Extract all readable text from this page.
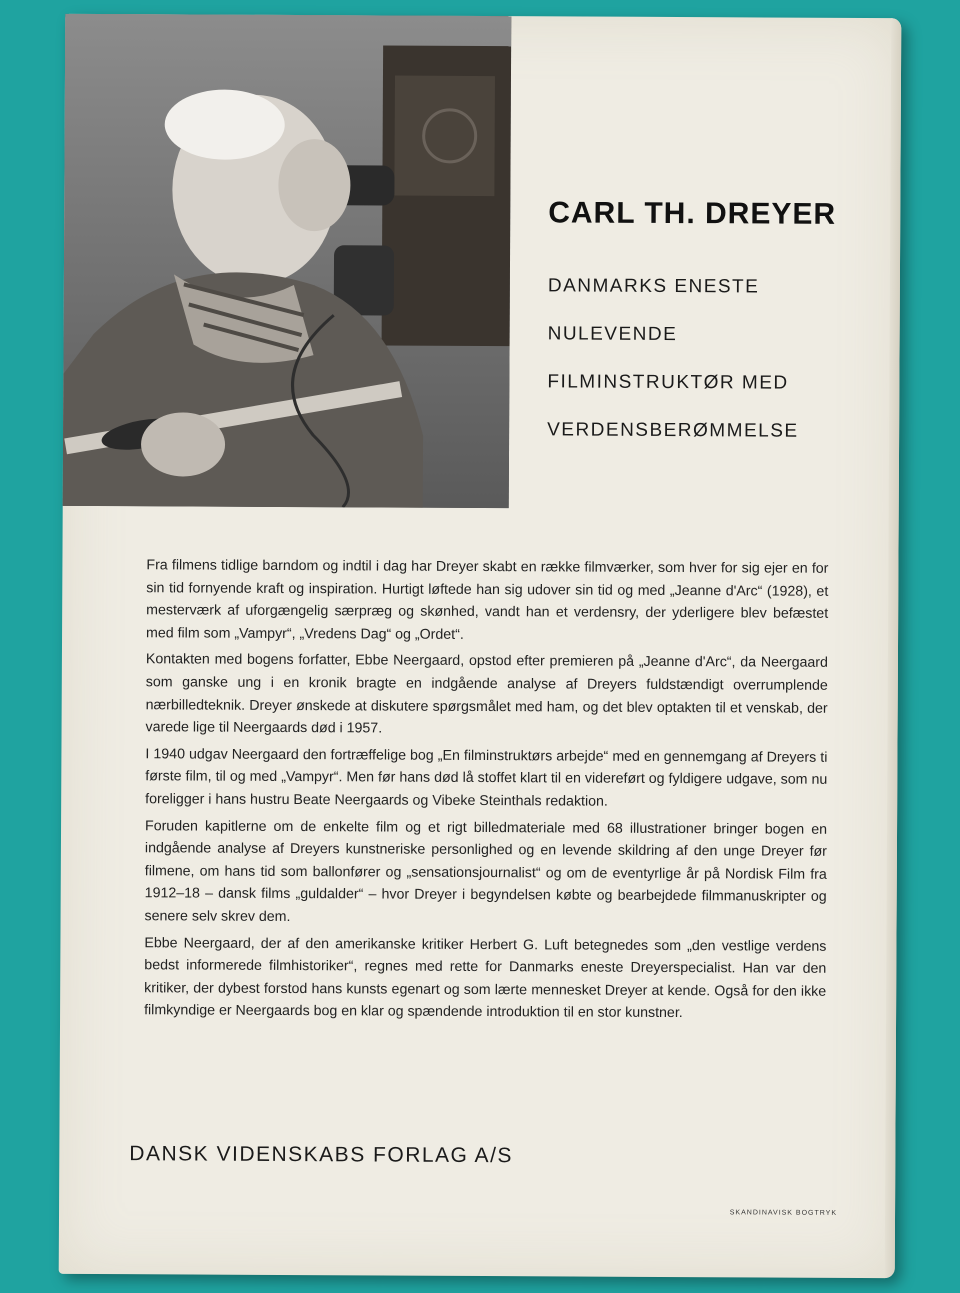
CARL TH. DREYER
DANMARKS ENESTE
NULEVENDE
FILMINSTRUKTØR MED
VERDENSBERØMMELSE

Fra filmens tidlige barndom og indtil i dag har Dreyer skabt en række filmværker, som hver for sig ejer en for sin tid fornyende kraft og inspiration. Hurtigt løftede han sig udover sin tid og med „Jeanne d'Arc“ (1928), et mesterværk af uforgængelig særpræg og skønhed, vandt han et verdensry, der yderligere blev befæstet med film som „Vampyr“, „Vredens Dag“ og „Ordet“.

Kontakten med bogens forfatter, Ebbe Neergaard, opstod efter premieren på „Jeanne d'Arc“, da Neergaard som ganske ung i en kronik bragte en indgående analyse af Dreyers fuldstændigt overrumplende nærbilledteknik. Dreyer ønskede at diskutere spørgsmålet med ham, og det blev optakten til et venskab, der varede lige til Neergaards død i 1957.

I 1940 udgav Neergaard den fortræffelige bog „En filminstruktørs arbejde“ med en gennemgang af Dreyers ti første film, til og med „Vampyr“. Men før hans død lå stoffet klart til en videreført og fyldigere udgave, som nu foreligger i hans hustru Beate Neergaards og Vibeke Steinthals redaktion.

Foruden kapitlerne om de enkelte film og et rigt billedmateriale med 68 illustrationer bringer bogen en indgående analyse af Dreyers kunstneriske personlighed og en levende skildring af den unge Dreyer før filmene, om hans tid som ballonfører og „sensationsjournalist“ og om de eventyrlige år på Nordisk Film fra 1912–18 – dansk films „guldalder“ – hvor Dreyer i begyndelsen købte og bearbejdede filmmanuskripter og senere selv skrev dem.

Ebbe Neergaard, der af den amerikanske kritiker Herbert G. Luft betegnedes som „den vestlige verdens bedst informerede filmhistoriker“, regnes med rette for Danmarks eneste Dreyerspecialist. Han var den kritiker, der dybest forstod hans kunsts egenart og som lærte mennesket Dreyer at kende. Også for den ikke filmkyndige er Neergaards bog en klar og spændende introduktion til en stor kunstner.

DANSK VIDENSKABS FORLAG A/S
SKANDINAVISK BOGTRYK
